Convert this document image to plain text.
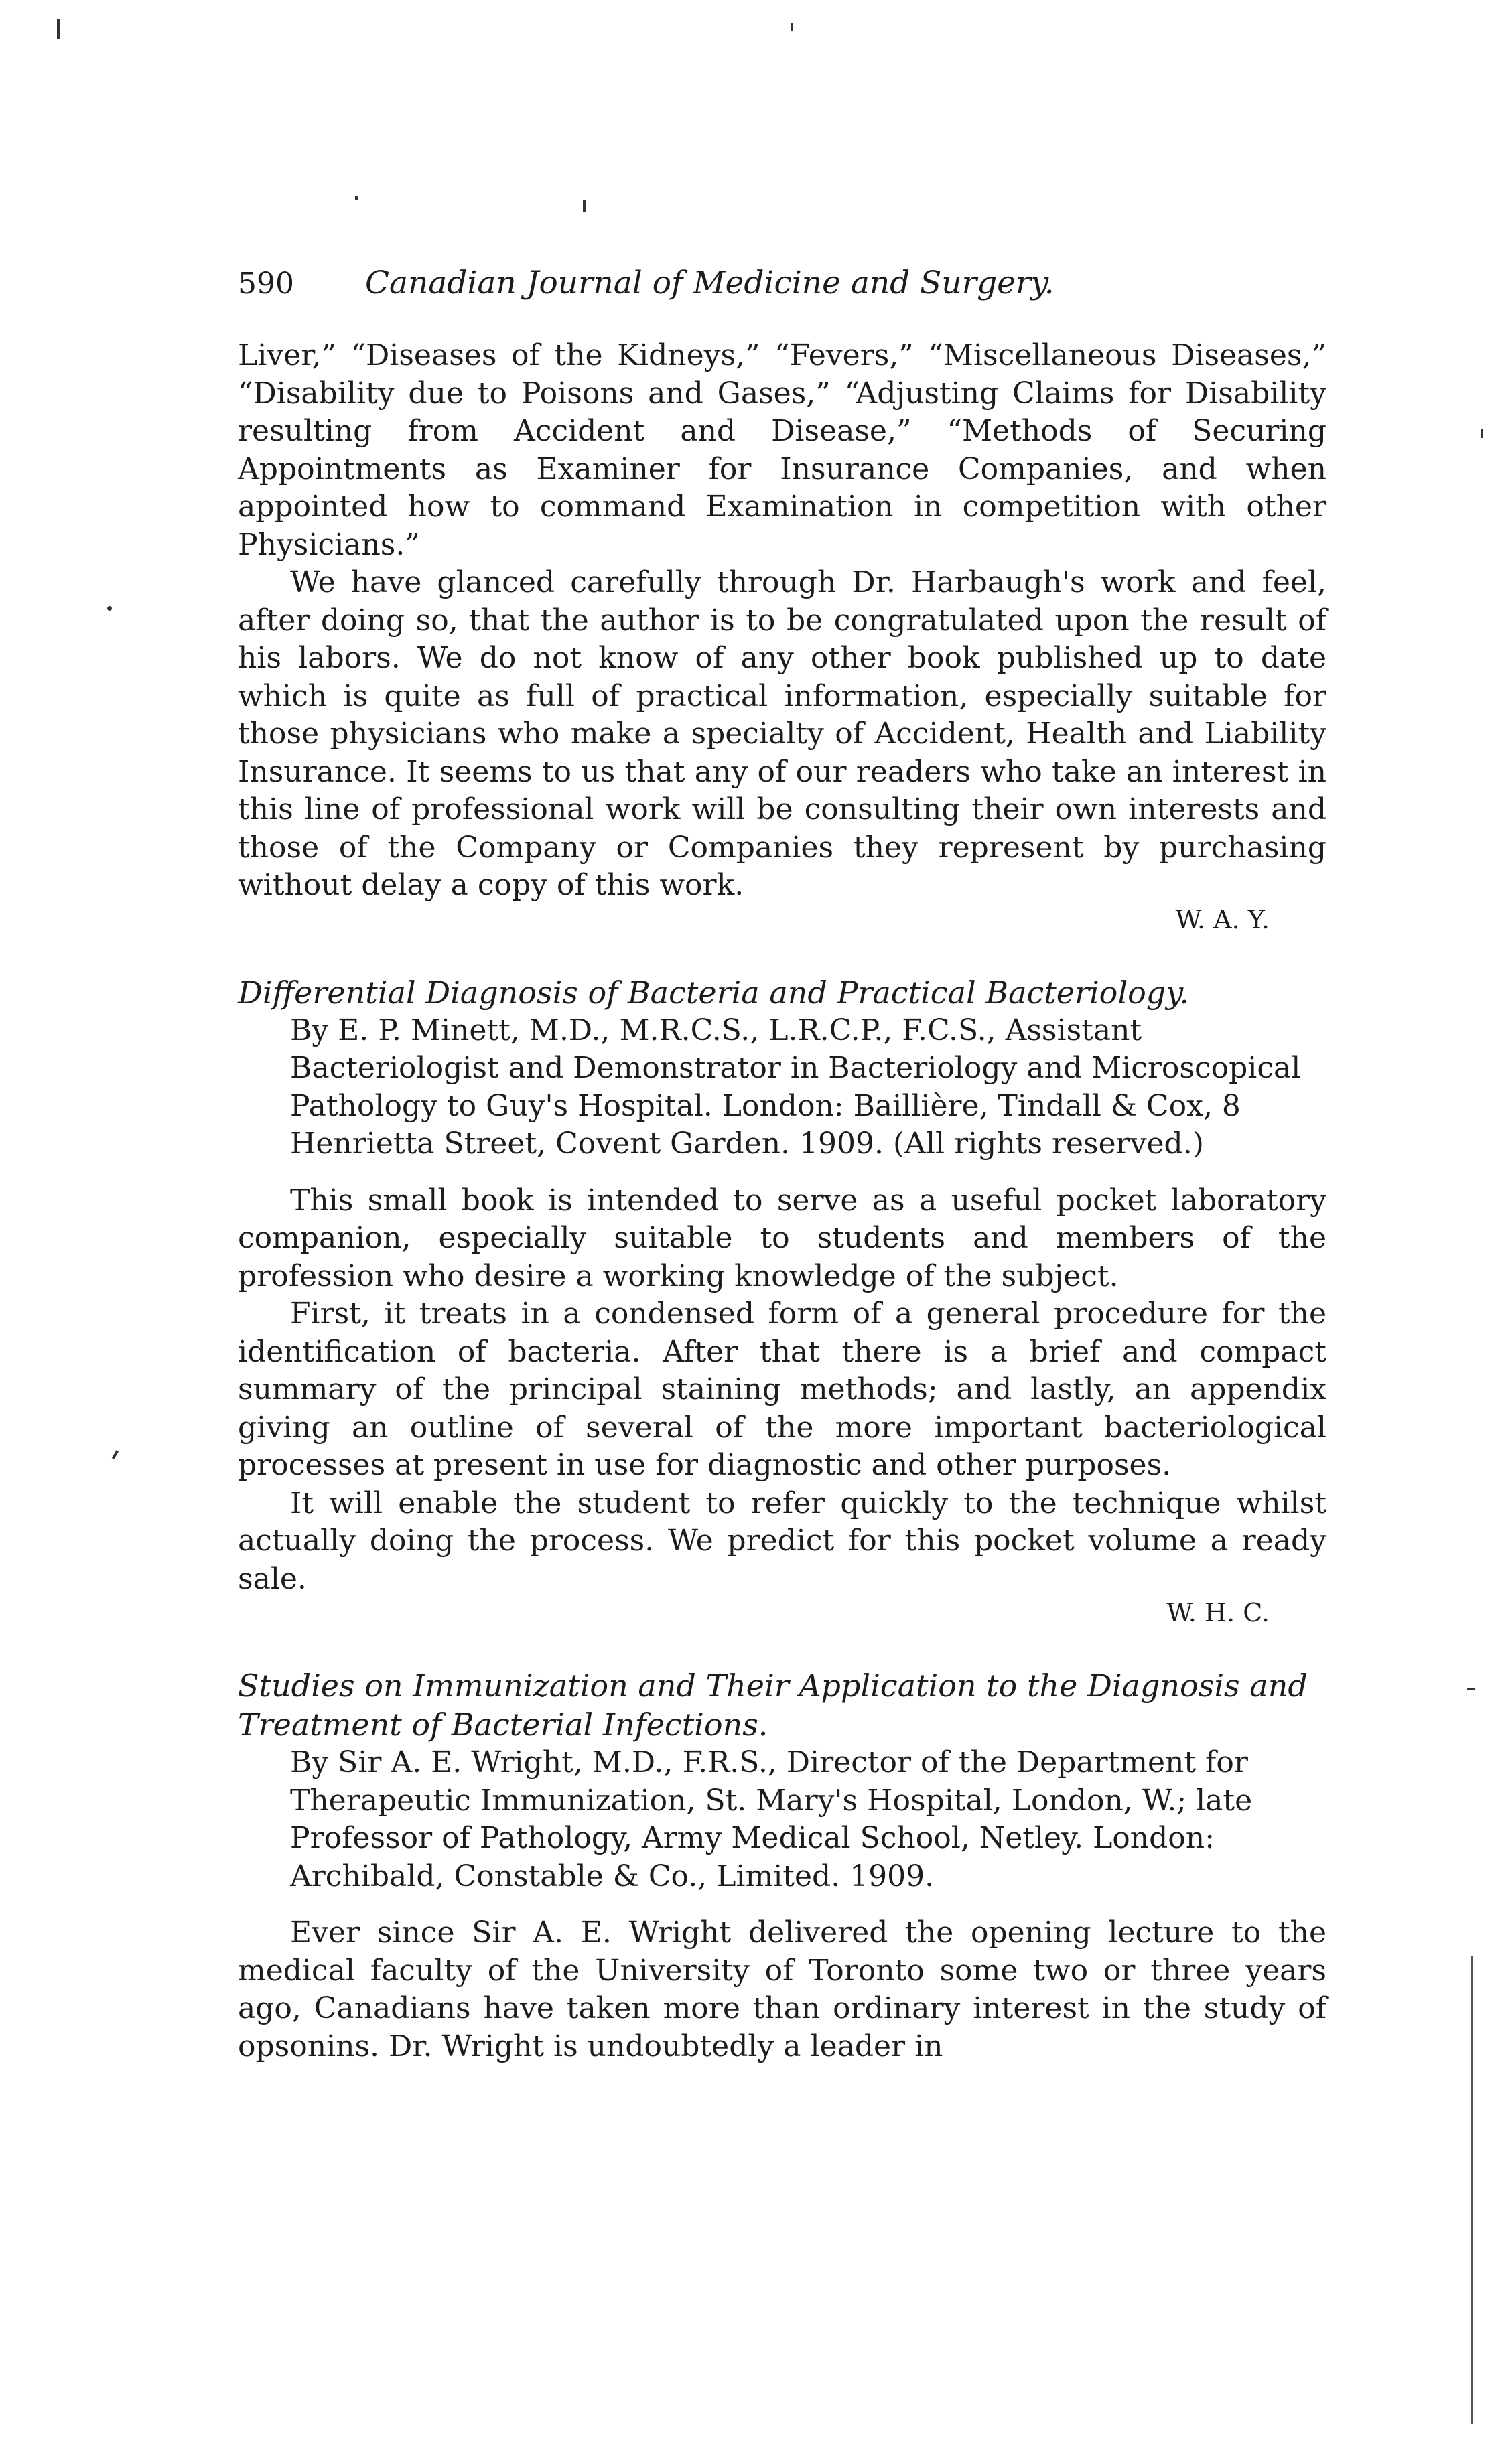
590	Canadian Journal of Medicine and Surgery.

Liver,” “Diseases of the Kidneys,” “Fevers,” “Miscellaneous Diseases,” “Disability due to Poisons and Gases,” “Adjusting Claims for Disability resulting from Accident and Disease,” “Methods of Securing Appointments as Examiner for Insurance Companies, and when appointed how to command Examination in competition with other Physicians.”

We have glanced carefully through Dr. Harbaugh's work and feel, after doing so, that the author is to be congratulated upon the result of his labors. We do not know of any other book published up to date which is quite as full of practical information, especially suitable for those physicians who make a specialty of Accident, Health and Liability Insurance. It seems to us that any of our readers who take an interest in this line of professional work will be consulting their own interests and those of the Company or Companies they represent by purchasing without delay a copy of this work.

W. A. Y.
Differential Diagnosis of Bacteria and Practical Bacteriology.
By E. P. Minett, M.D., M.R.C.S., L.R.C.P., F.C.S., Assistant Bacteriologist and Demonstrator in Bacteriology and Microscopical Pathology to Guy's Hospital. London: Baillière, Tindall & Cox, 8 Henrietta Street, Covent Garden. 1909. (All rights reserved.)

This small book is intended to serve as a useful pocket laboratory companion, especially suitable to students and members of the profession who desire a working knowledge of the subject.

First, it treats in a condensed form of a general procedure for the identification of bacteria. After that there is a brief and compact summary of the principal staining methods; and lastly, an appendix giving an outline of several of the more important bacteriological processes at present in use for diagnostic and other purposes.

It will enable the student to refer quickly to the technique whilst actually doing the process. We predict for this pocket volume a ready sale.

W. H. C.
Studies on Immunization and Their Application to the Diagnosis and Treatment of Bacterial Infections.
By Sir A. E. Wright, M.D., F.R.S., Director of the Department for Therapeutic Immunization, St. Mary's Hospital, London, W.; late Professor of Pathology, Army Medical School, Netley. London: Archibald, Constable & Co., Limited. 1909.

Ever since Sir A. E. Wright delivered the opening lecture to the medical faculty of the University of Toronto some two or three years ago, Canadians have taken more than ordinary interest in the study of opsonins. Dr. Wright is undoubtedly a leader in
